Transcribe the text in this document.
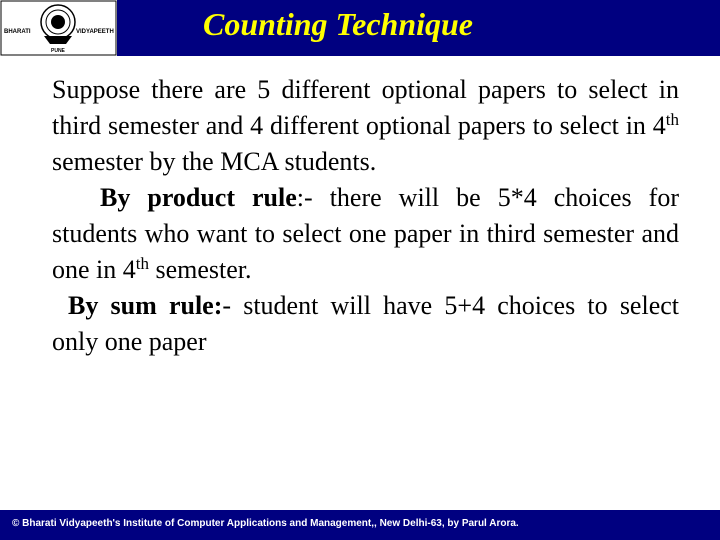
BHARATI	VIDYAPEETH
PUNE
Counting Technique

Suppose there are 5 different optional papers to select in third semester and 4 different optional papers to select in 4th semester by the MCA students.

By product rule:- there will be 5*4 choices for students who want to select one paper in third semester and one in 4th semester.

By sum rule:- student will have 5+4 choices to select only one paper

© Bharati Vidyapeeth's Institute of Computer Applications and Management,, New Delhi-63, by Parul Arora.
